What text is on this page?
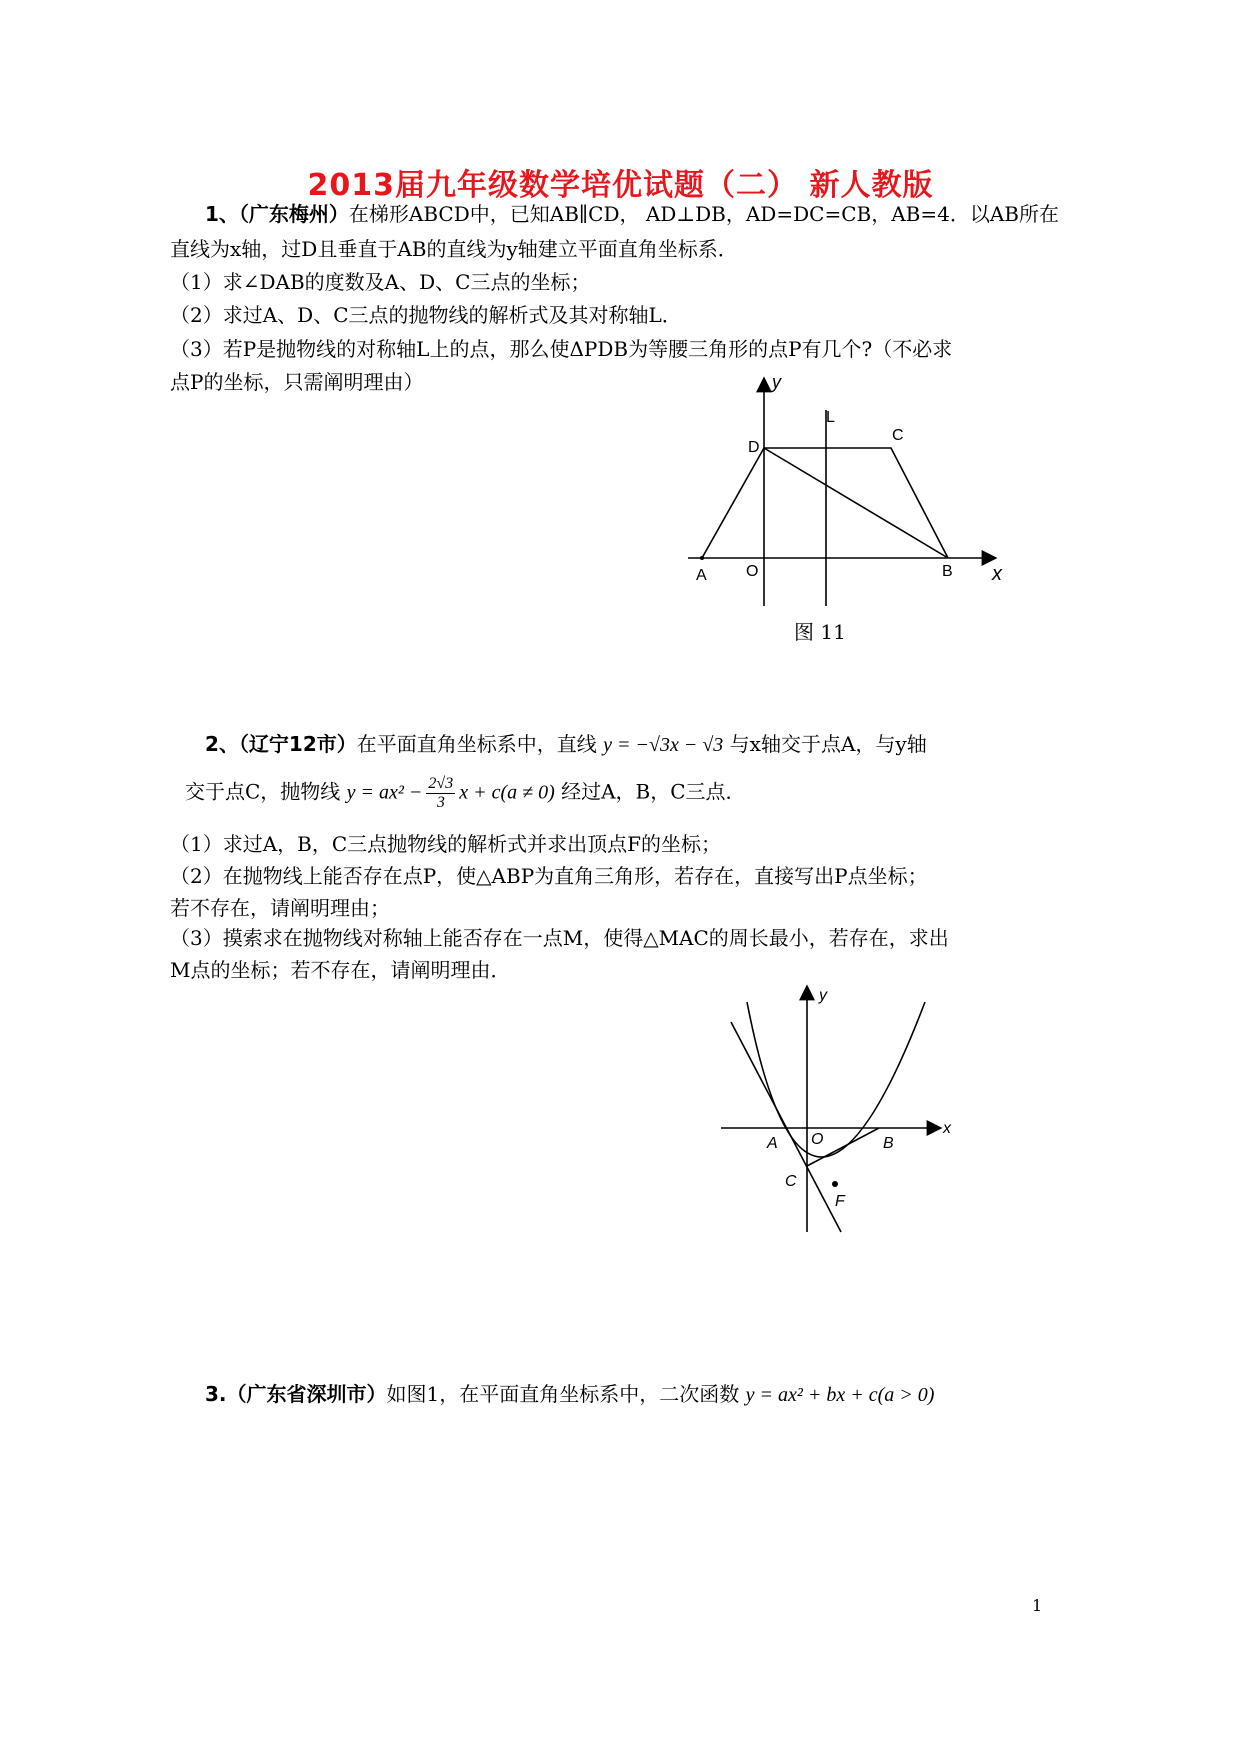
2013届九年级数学培优试题（二） 新人教版
1、（广东梅州）在梯形ABCD中，已知AB∥CD， AD⊥DB，AD=DC=CB，AB=4．以AB所在
直线为x轴，过D且垂直于AB的直线为y轴建立平面直角坐标系．
（1）求∠DAB的度数及A、D、C三点的坐标；
（2）求过A、D、C三点的抛物线的解析式及其对称轴L．
（3）若P是抛物线的对称轴L上的点，那么使ΔPDB为等腰三角形的点P有几个?（不必求
点P的坐标，只需阐明理由）	y
L
D
C
A O	B x
图 11
2、（辽宁12市）在平面直角坐标系中，直线 y = −√3x − √3 与x轴交于点A，与y轴
交于点C，抛物线 $y = ax^2 - \frac{2√3}{3}$ x + c(a ≠ 0) 经过A，B，C三点．
（1）求过A，B，C三点抛物线的解析式并求出顶点F的坐标；
（2）在抛物线上能否存在点P，使△ABP为直角三角形，若存在，直接写出P点坐标；
若不存在，请阐明理由；
（3）摸索求在抛物线对称轴上能否存在一点M，使得△MAC的周长最小，若存在，求出
M点的坐标；若不存在，请阐明理由．
y
x
A O	B
C
F
3.（广东省深圳市）如图1，在平面直角坐标系中，二次函数 y = ax² + bx + c(a > 0)
1
